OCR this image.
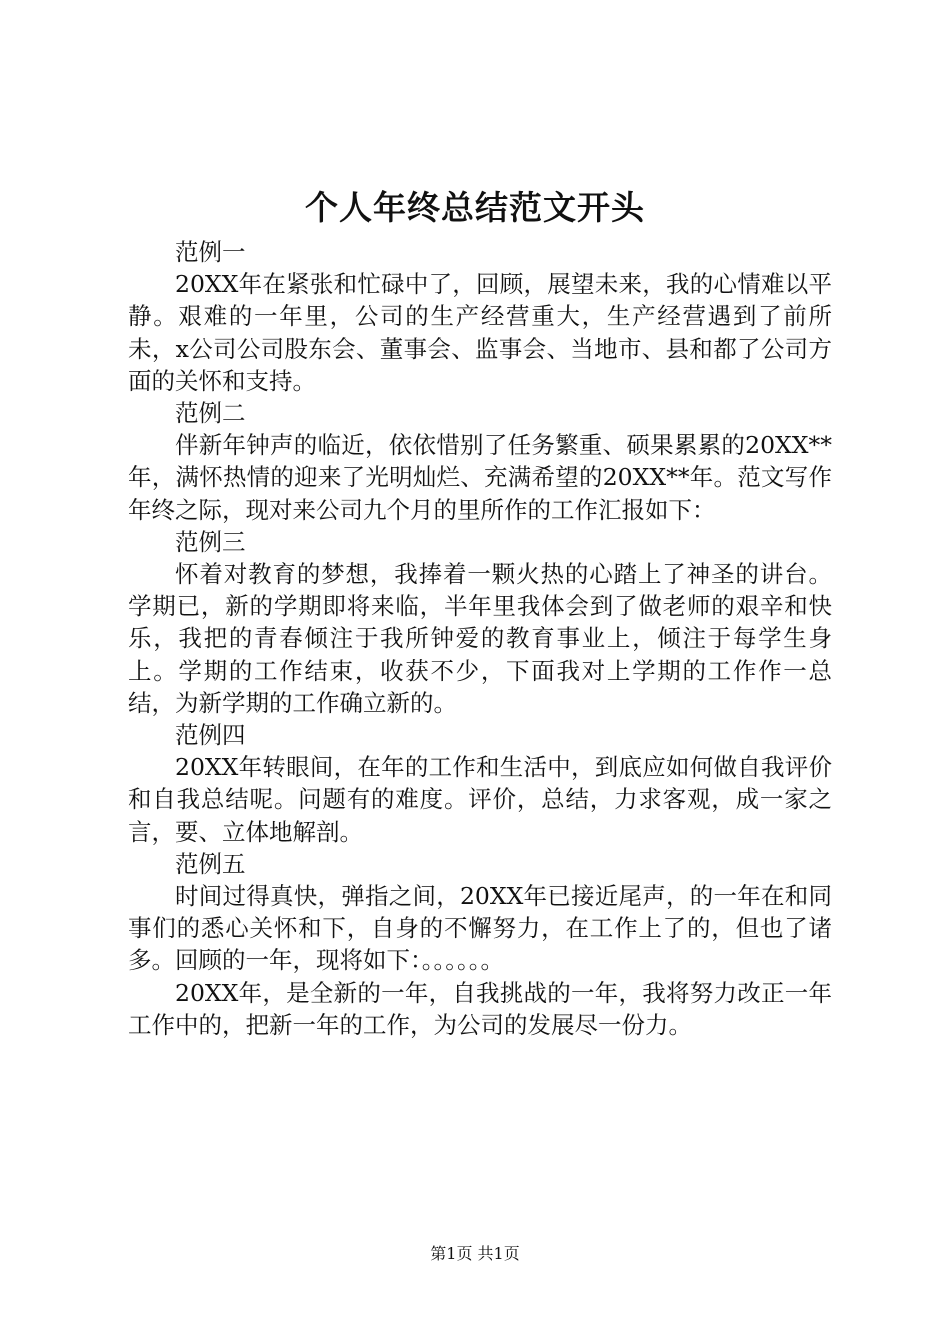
个人年终总结范文开头

范例一

20XX年在紧张和忙碌中了，回顾，展望未来，我的心情难以平静。艰难的一年里，公司的生产经营重大，生产经营遇到了前所未，x公司公司股东会、董事会、监事会、当地市、县和都了公司方面的关怀和支持。

范例二

伴新年钟声的临近，依依惜别了任务繁重、硕果累累的20XX**年，满怀热情的迎来了光明灿烂、充满希望的20XX**年。范文写作年终之际，现对来公司九个月的里所作的工作汇报如下：

范例三

怀着对教育的梦想，我捧着一颗火热的心踏上了神圣的讲台。学期已，新的学期即将来临，半年里我体会到了做老师的艰辛和快乐，我把的青春倾注于我所钟爱的教育事业上，倾注于每学生身上。学期的工作结束，收获不少，下面我对上学期的工作作一总结，为新学期的工作确立新的。

范例四

20XX年转眼间，在年的工作和生活中，到底应如何做自我评价和自我总结呢。问题有的难度。评价，总结，力求客观，成一家之言，要、立体地解剖。

范例五

时间过得真快，弹指之间，20XX年已接近尾声，的一年在和同事们的悉心关怀和下，自身的不懈努力，在工作上了的，但也了诸多。回顾的一年，现将如下：。。。。。。

20XX年，是全新的一年，自我挑战的一年，我将努力改正一年工作中的，把新一年的工作，为公司的发展尽一份力。

第1页 共1页
